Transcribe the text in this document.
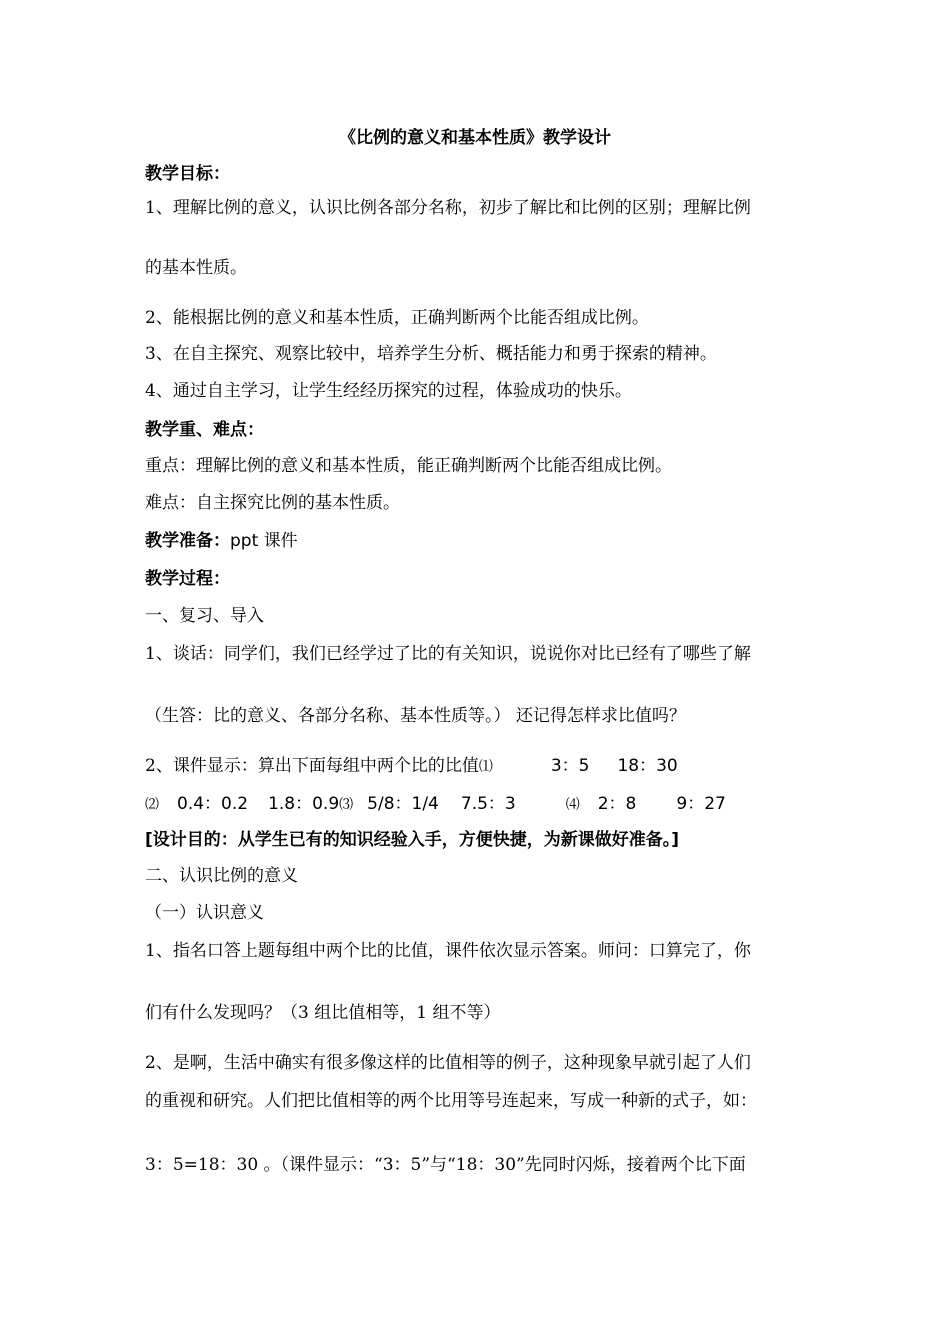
《比例的意义和基本性质》教学设计
教学目标：
1、理解比例的意义，认识比例各部分名称，初步了解比和比例的区别；理解比例
的基本性质。
2、能根据比例的意义和基本性质，正确判断两个比能否组成比例。
3、在自主探究、观察比较中，培养学生分析、概括能力和勇于探索的精神。
4、通过自主学习，让学生经经历探究的过程，体验成功的快乐。
教学重、难点：
重点：理解比例的意义和基本性质，能正确判断两个比能否组成比例。
难点：自主探究比例的基本性质。
教学准备：ppt 课件
教学过程：
一、复习、导入
1、谈话：同学们，我们已经学过了比的有关知识，说说你对比已经有了哪些了解
（生答：比的意义、各部分名称、基本性质等。） 还记得怎样求比值吗？
2、课件显示：算出下面每组中两个比的比值⑴	3：5 18：30
⑵ 0.4：0.2 1.8：0.9⑶ 5/8：1/4 7.5：3	⑷ 2：8 9：27
[设计目的：从学生已有的知识经验入手，方便快捷，为新课做好准备。]
二、认识比例的意义
（一）认识意义
1、指名口答上题每组中两个比的比值，课件依次显示答案。师问：口算完了，你
们有什么发现吗？（3 组比值相等，1 组不等）
2、是啊，生活中确实有很多像这样的比值相等的例子，这种现象早就引起了人们
的重视和研究。人们把比值相等的两个比用等号连起来，写成一种新的式子，如：
3：5=18：30 。（课件显示：“3：5”与“18：30”先同时闪烁，接着两个比下面
